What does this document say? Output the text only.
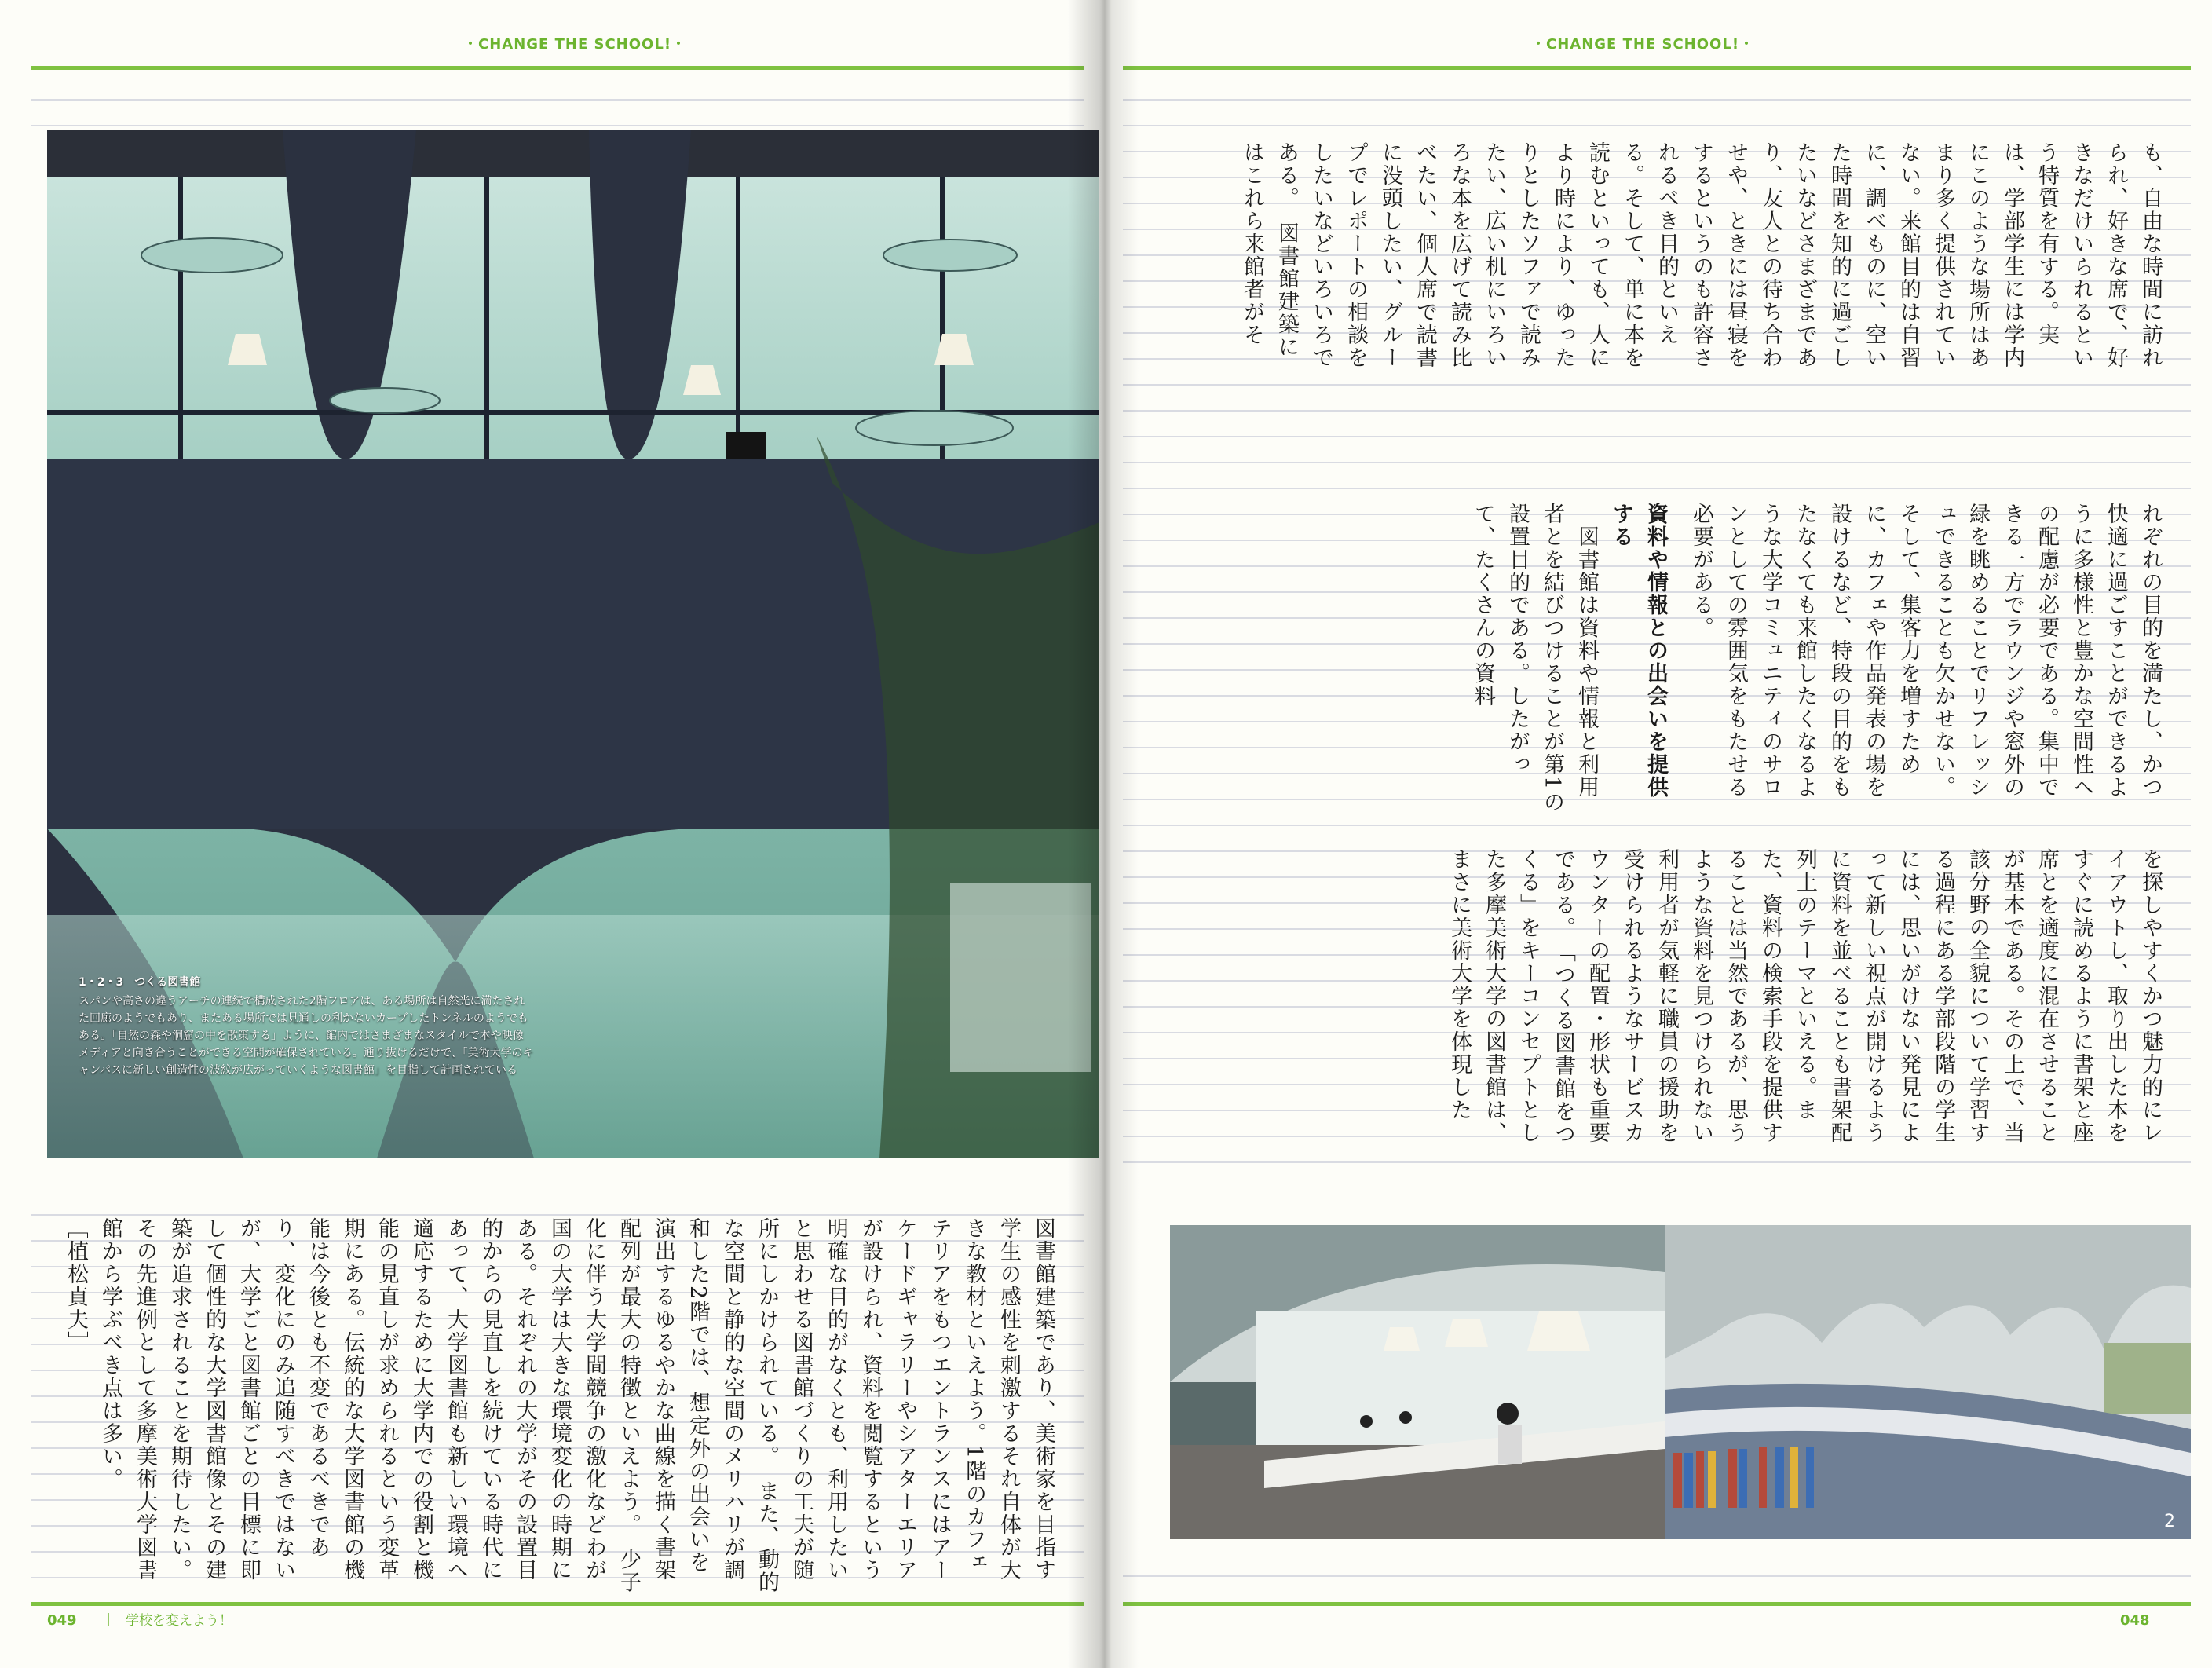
・CHANGE THE SCHOOL!・
1・2・3　つくる図書館
スパンや高さの違うアーチの連続で構成された2階フロアは、ある場所は自然光に満たされた回廊のようでもあり、またある場所では見通しの利かないカーブしたトンネルのようでもある。「自然の森や洞窟の中を散策する」ように、館内ではさまざまなスタイルで本や映像メディアと向き合うことができる空間が確保されている。通り抜けるだけで、「美術大学のキャンパスに新しい創造性の波紋が広がっていくような図書館」を目指して計画されている

図書館建築であり、美術家を目指す学生の感性を刺激するそれ自体が大きな教材といえよう。1階のカフェテリアをもつエントランスにはアーケードギャラリーやシアターエリアが設けられ、資料を閲覧するという明確な目的がなくとも、利用したいと思わせる図書館づくりの工夫が随所にしかけられている。　また、動的な空間と静的な空間のメリハリが調和した2階では、想定外の出会いを演出するゆるやかな曲線を描く書架配列が最大の特徴といえよう。　少子化に伴う大学間競争の激化などわが国の大学は大きな環境変化の時期にある。それぞれの大学がその設置目的からの見直しを続けている時代にあって、大学図書館も新しい環境へ適応するために大学内での役割と機能の見直しが求められるという変革期にある。伝統的な大学図書館の機能は今後とも不変であるべきであり、変化にのみ追随すべきではないが、大学ごと図書館ごとの目標に即して個性的な大学図書館像とその建築が追求されることを期待したい。その先進例として多摩美術大学図書館から学ぶべき点は多い。

［植松貞夫］

049 ｜ 学校を変えよう！
・CHANGE THE SCHOOL!・

も、自由な時間に訪れられ、好きな席で、好きなだけいられるという特質を有する。実は、学部学生には学内にこのような場所はあまり多く提供されていない。来館目的は自習に、調べものに、空いた時間を知的に過ごしたいなどさまざまであり、友人との待ち合わせや、ときには昼寝をするというのも許容されるべき目的といえる。そして、単に本を読むといっても、人により時により、ゆったりとしたソファで読みたい、広い机にいろいろな本を広げて読み比べたい、個人席で読書に没頭したい、グループでレポートの相談をしたいなどいろいろである。　図書館建築にはこれら来館者がそ

れぞれの目的を満たし、かつ快適に過ごすことができるように多様性と豊かな空間性への配慮が必要である。集中できる一方でラウンジや窓外の緑を眺めることでリフレッシュできることも欠かせない。そして、集客力を増すために、カフェや作品発表の場を設けるなど、特段の目的をもたなくても来館したくなるような大学コミュニティのサロンとしての雰囲気をもたせる必要がある。

資料や情報との出会いを提供する

　図書館は資料や情報と利用者とを結びつけることが第1の設置目的である。したがって、たくさんの資料

を探しやすくかつ魅力的にレイアウトし、取り出した本をすぐに読めるように書架と座席とを適度に混在させることが基本である。その上で、当該分野の全貌について学習する過程にある学部段階の学生には、思いがけない発見によって新しい視点が開けるように資料を並べることも書架配列上のテーマといえる。また、資料の検索手段を提供することは当然であるが、思うような資料を見つけられない利用者が気軽に職員の援助を受けられるようなサービスカウンターの配置・形状も重要である。　「つくる図書館をつくる」をキーコンセプトとした多摩美術大学の図書館は、まさに美術大学を体現した

2
048
